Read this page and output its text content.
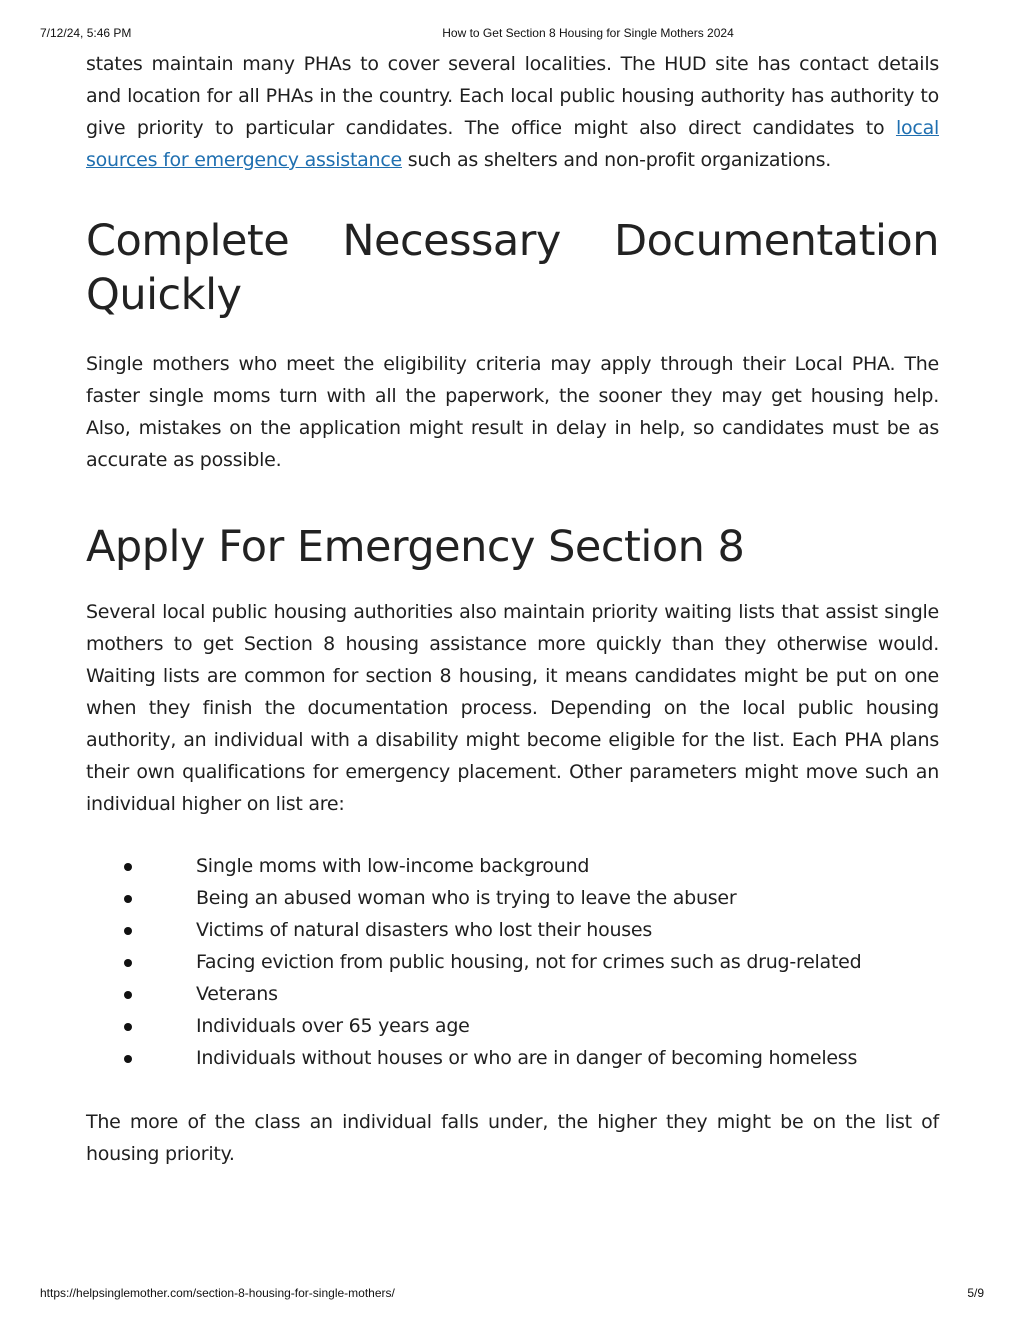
7/12/24, 5:46 PM	How to Get Section 8 Housing for Single Mothers 2024

states maintain many PHAs to cover several localities. The HUD site has contact details and location for all PHAs in the country. Each local public housing authority has authority to give priority to particular candidates. The office might also direct candidates to local sources for emergency assistance such as shelters and non-profit organizations.

Complete Necessary Documentation Quickly

Single mothers who meet the eligibility criteria may apply through their Local PHA. The faster single moms turn with all the paperwork, the sooner they may get housing help. Also, mistakes on the application might result in delay in help, so candidates must be as accurate as possible.

Apply For Emergency Section 8

Several local public housing authorities also maintain priority waiting lists that assist single mothers to get Section 8 housing assistance more quickly than they otherwise would. Waiting lists are common for section 8 housing, it means candidates might be put on one when they finish the documentation process. Depending on the local public housing authority, an individual with a disability might become eligible for the list. Each PHA plans their own qualifications for emergency placement. Other parameters might move such an individual higher on list are:

Single moms with low-income background
Being an abused woman who is trying to leave the abuser
Victims of natural disasters who lost their houses
Facing eviction from public housing, not for crimes such as drug-related
Veterans
Individuals over 65 years age
Individuals without houses or who are in danger of becoming homeless

The more of the class an individual falls under, the higher they might be on the list of housing priority.

https://helpsinglemother.com/section-8-housing-for-single-mothers/	5/9
